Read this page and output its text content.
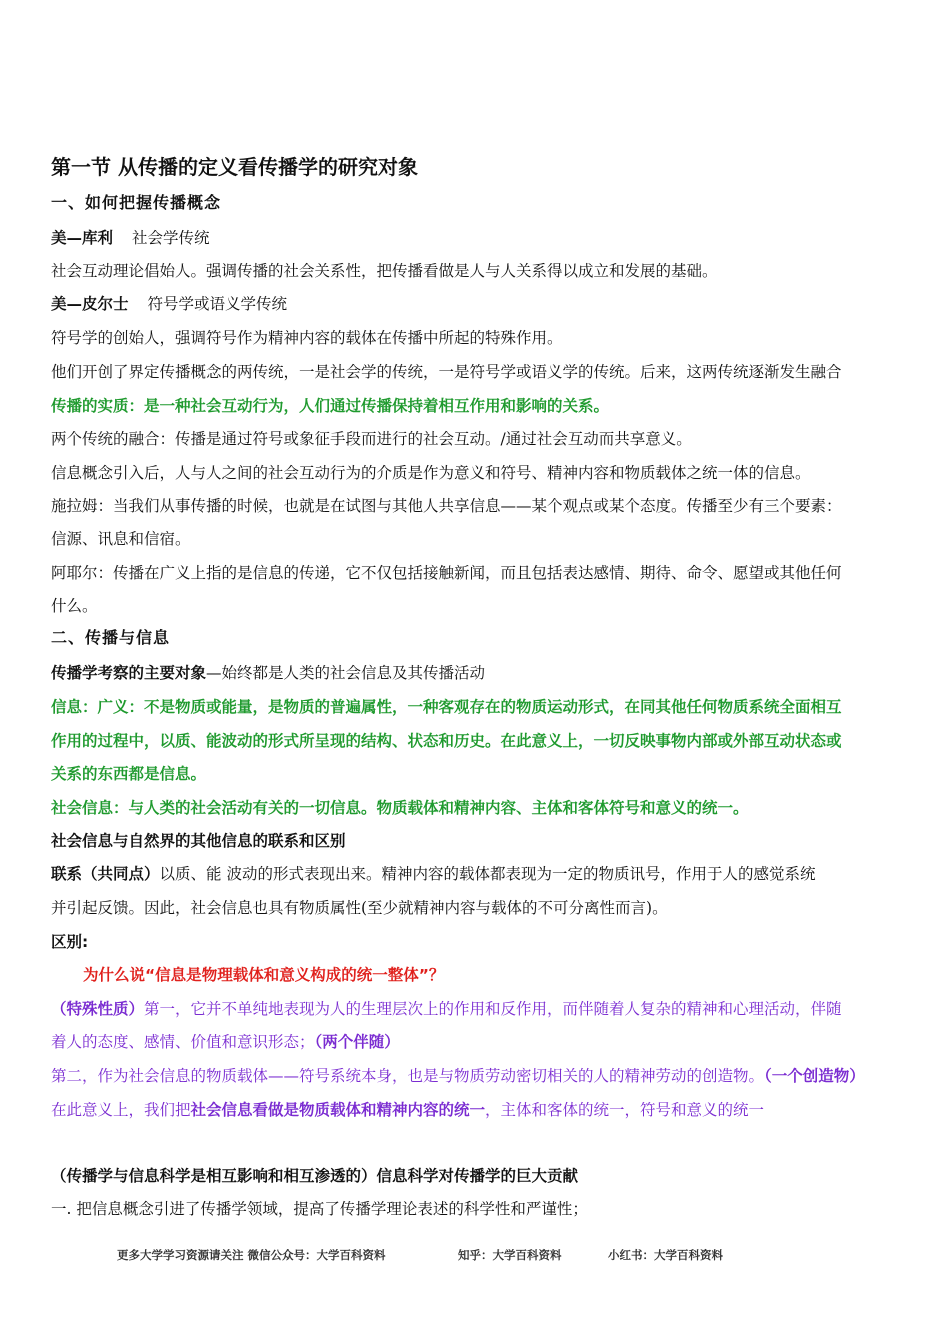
第一节 从传播的定义看传播学的研究对象
一、如何把握传播概念
美—库利 社会学传统
社会互动理论倡始人。强调传播的社会关系性，把传播看做是人与人关系得以成立和发展的基础。
美—皮尔士 符号学或语义学传统
符号学的创始人，强调符号作为精神内容的载体在传播中所起的特殊作用。
他们开创了界定传播概念的两传统，一是社会学的传统，一是符号学或语义学的传统。后来，这两传统逐渐发生融合
传播的实质：是一种社会互动行为，人们通过传播保持着相互作用和影响的关系。
两个传统的融合：传播是通过符号或象征手段而进行的社会互动。/通过社会互动而共享意义。
信息概念引入后，人与人之间的社会互动行为的介质是作为意义和符号、精神内容和物质载体之统一体的信息。
施拉姆：当我们从事传播的时候，也就是在试图与其他人共享信息——某个观点或某个态度。传播至少有三个要素：
信源、讯息和信宿。
阿耶尔：传播在广义上指的是信息的传递，它不仅包括接触新闻，而且包括表达感情、期待、命令、愿望或其他任何
什么。
二、传播与信息
传播学考察的主要对象—始终都是人类的社会信息及其传播活动
信息：广义：不是物质或能量，是物质的普遍属性，一种客观存在的物质运动形式，在同其他任何物质系统全面相互
作用的过程中，以质、能波动的形式所呈现的结构、状态和历史。在此意义上，一切反映事物内部或外部互动状态或
关系的东西都是信息。
社会信息：与人类的社会活动有关的一切信息。物质载体和精神内容、主体和客体符号和意义的统一。
社会信息与自然界的其他信息的联系和区别
联系（共同点）以质、能 波动的形式表现出来。精神内容的载体都表现为一定的物质讯号，作用于人的感觉系统
并引起反馈。因此，社会信息也具有物质属性(至少就精神内容与载体的不可分离性而言)。
区别:
为什么说“信息是物理载体和意义构成的统一整体”？
（特殊性质）第一，它并不单纯地表现为人的生理层次上的作用和反作用，而伴随着人复杂的精神和心理活动，伴随
着人的态度、感情、价值和意识形态；（两个伴随）
第二，作为社会信息的物质载体——符号系统本身，也是与物质劳动密切相关的人的精神劳动的创造物。（一个创造物）
在此意义上，我们把社会信息看做是物质载体和精神内容的统一，主体和客体的统一，符号和意义的统一
（传播学与信息科学是相互影响和相互渗透的）信息科学对传播学的巨大贡献
一. 把信息概念引进了传播学领域，提高了传播学理论表述的科学性和严谨性；
更多大学学习资源请关注 微信公众号：大学百科资料	知乎：大学百科资料	小红书：大学百科资料
